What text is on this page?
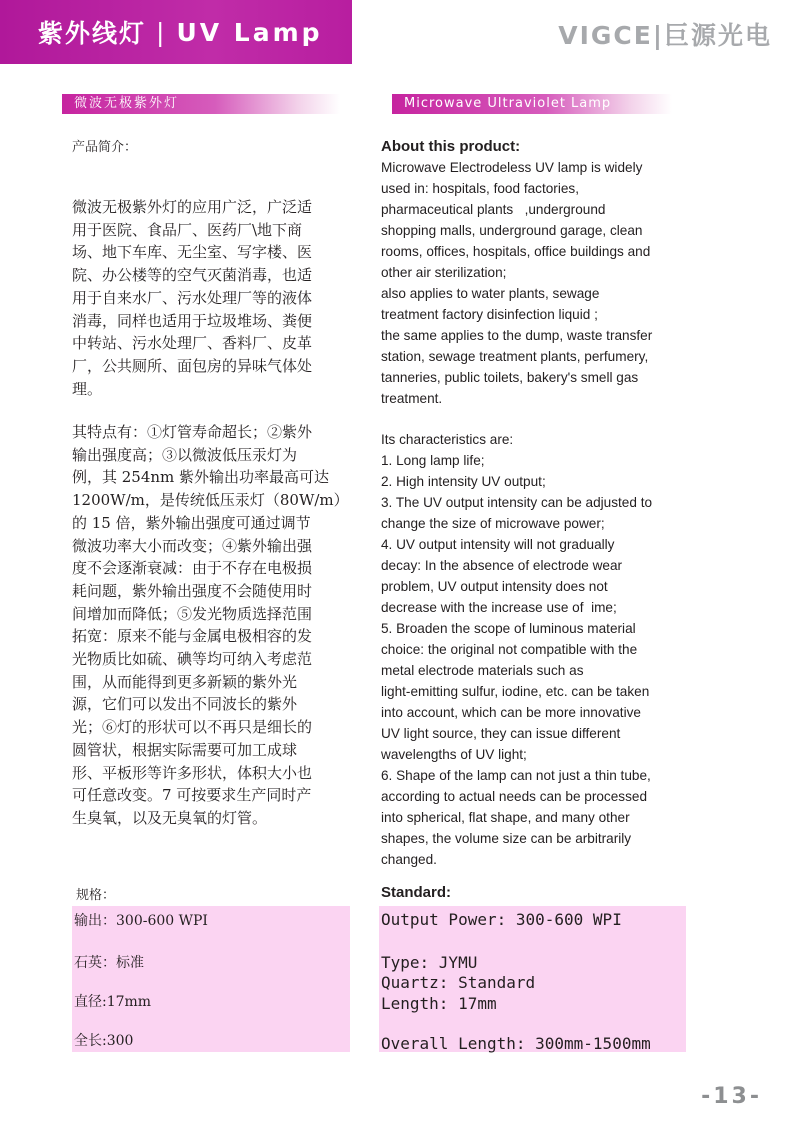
紫外线灯 | UV Lamp	VIGCE|巨源光电
微波无极紫外灯	Microwave Ultraviolet Lamp
产品简介：
微波无极紫外灯的应用广泛，广泛适
用于医院、食品厂、医药厂\地下商
场、地下车库、无尘室、写字楼、医
院、办公楼等的空气灭菌消毒，也适
用于自来水厂、污水处理厂等的液体
消毒，同样也适用于垃圾堆场、粪便
中转站、污水处理厂、香料厂、皮革
厂，公共厕所、面包房的异味气体处
理。
其特点有：①灯管寿命超长；②紫外
输出强度高；③以微波低压汞灯为
例，其 254nm 紫外输出功率最高可达
1200W/m，是传统低压汞灯（80W/m）
的 15 倍，紫外输出强度可通过调节
微波功率大小而改变；④紫外输出强
度不会逐渐衰减：由于不存在电极损
耗问题，紫外输出强度不会随使用时
间增加而降低；⑤发光物质选择范围
拓宽：原来不能与金属电极相容的发
光物质比如硫、碘等均可纳入考虑范
围，从而能得到更多新颖的紫外光
源，它们可以发出不同波长的紫外
光；⑥灯的形状可以不再只是细长的
圆管状，根据实际需要可加工成球
形、平板形等许多形状，体积大小也
可任意改变。7 可按要求生产同时产
生臭氧，以及无臭氧的灯管。

About this product:

Microwave Electrodeless UV lamp is widely

used in: hospitals, food factories,

pharmaceutical plants   ,underground

shopping malls, underground garage, clean

rooms, offices, hospitals, office buildings and

other air sterilization;

also applies to water plants, sewage

treatment factory disinfection liquid ;

the same applies to the dump, waste transfer

station, sewage treatment plants, perfumery,

tanneries, public toilets, bakery's smell gas

treatment.

Its characteristics are:

1. Long lamp life;

2. High intensity UV output;

3. The UV output intensity can be adjusted to

change the size of microwave power;

4. UV output intensity will not gradually

decay: In the absence of electrode wear

problem, UV output intensity does not

decrease with the increase use of  ime;

5. Broaden the scope of luminous material

choice: the original not compatible with the

metal electrode materials such as

light-emitting sulfur, iodine, etc. can be taken

into account, which can be more innovative

UV light source, they can issue different

wavelengths of UV light;

6. Shape of the lamp can not just a thin tube,

according to actual needs can be processed

into spherical, flat shape, and many other

shapes, the volume size can be arbitrarily

changed.

规格：	Standard:
输出：300-600 WPI
石英：标准
直径:17mm
全长:300
Output Power: 300-600 WPI
Type: JYMU
Quartz: Standard
Length: 17mm
Overall Length: 300mm-1500mm
-13-
